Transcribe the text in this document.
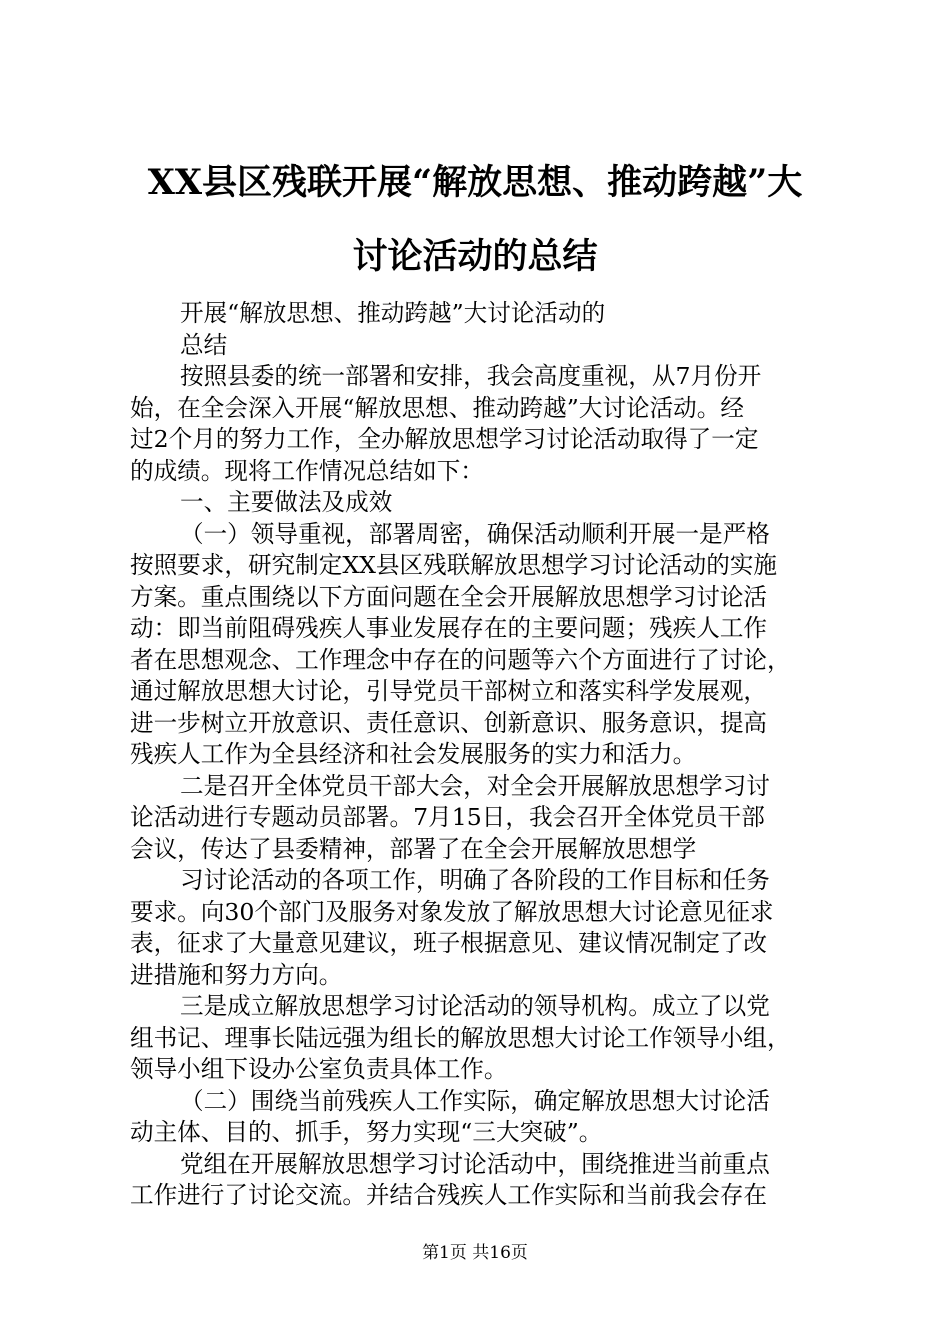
XX县区残联开展“解放思想、推动跨越”大
讨论活动的总结
开展“解放思想、推动跨越”大讨论活动的
总结
按照县委的统一部署和安排，我会高度重视，从7月份开
始，在全会深入开展“解放思想、推动跨越”大讨论活动。经
过2个月的努力工作，全办解放思想学习讨论活动取得了一定
的成绩。现将工作情况总结如下：
一、主要做法及成效
（一）领导重视，部署周密，确保活动顺利开展一是严格
按照要求，研究制定XX县区残联解放思想学习讨论活动的实施
方案。重点围绕以下方面问题在全会开展解放思想学习讨论活
动：即当前阻碍残疾人事业发展存在的主要问题；残疾人工作
者在思想观念、工作理念中存在的问题等六个方面进行了讨论，
通过解放思想大讨论，引导党员干部树立和落实科学发展观，
进一步树立开放意识、责任意识、创新意识、服务意识，提高
残疾人工作为全县经济和社会发展服务的实力和活力。
二是召开全体党员干部大会，对全会开展解放思想学习讨
论活动进行专题动员部署。7月15日，我会召开全体党员干部
会议，传达了县委精神，部署了在全会开展解放思想学
习讨论活动的各项工作，明确了各阶段的工作目标和任务
要求。向30个部门及服务对象发放了解放思想大讨论意见征求
表，征求了大量意见建议，班子根据意见、建议情况制定了改
进措施和努力方向。
三是成立解放思想学习讨论活动的领导机构。成立了以党
组书记、理事长陆远强为组长的解放思想大讨论工作领导小组，
领导小组下设办公室负责具体工作。
（二）围绕当前残疾人工作实际，确定解放思想大讨论活
动主体、目的、抓手，努力实现“三大突破”。
党组在开展解放思想学习讨论活动中，围绕推进当前重点
工作进行了讨论交流。并结合残疾人工作实际和当前我会存在
第1页 共16页
